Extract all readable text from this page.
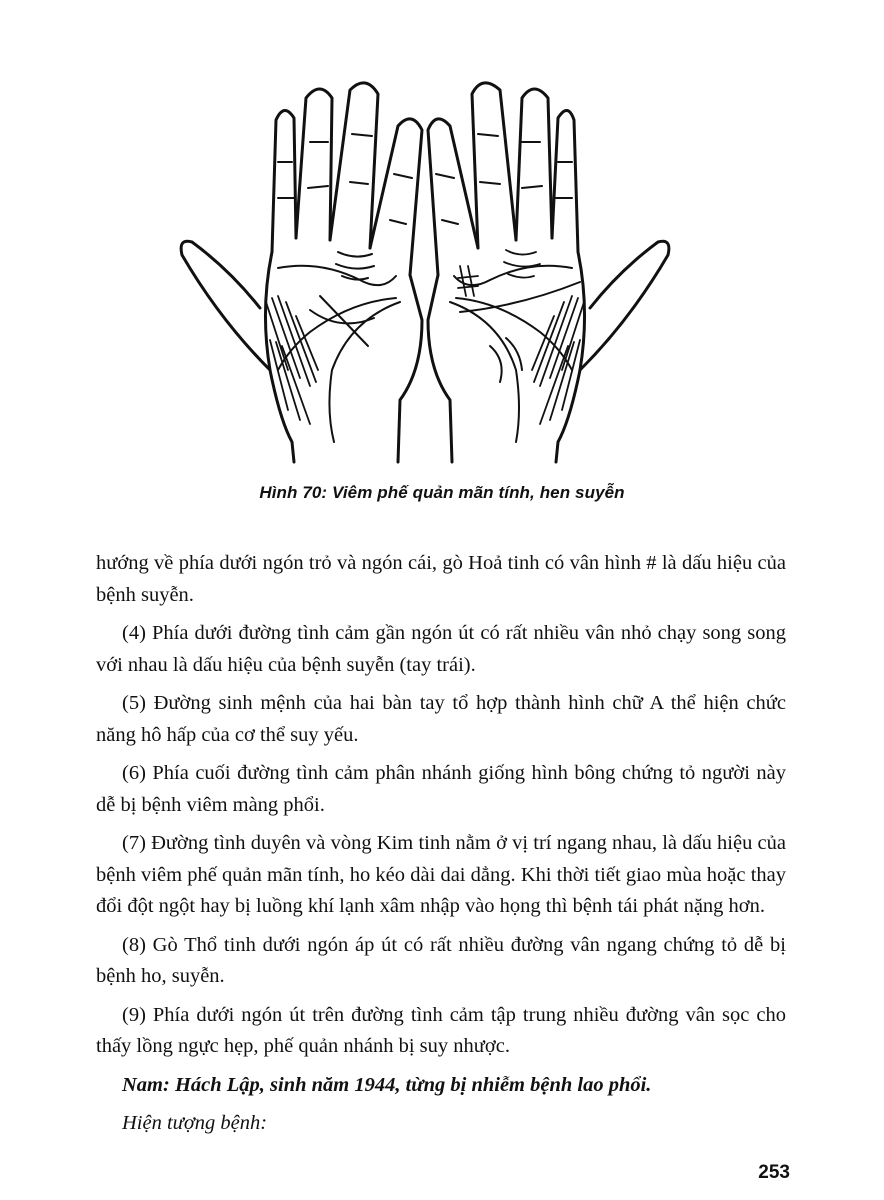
Hình 70: Viêm phế quản mãn tính, hen suyễn

hướng về phía dưới ngón trỏ và ngón cái, gò Hoả tinh có vân hình # là dấu hiệu của bệnh suyễn.

(4) Phía dưới đường tình cảm gần ngón út có rất nhiều vân nhỏ chạy song song với nhau là dấu hiệu của bệnh suyễn (tay trái).

(5) Đường sinh mệnh của hai bàn tay tổ hợp thành hình chữ A thể hiện chức năng hô hấp của cơ thể suy yếu.

(6) Phía cuối đường tình cảm phân nhánh giống hình bông chứng tỏ người này dễ bị bệnh viêm màng phổi.

(7) Đường tình duyên và vòng Kim tinh nằm ở vị trí ngang nhau, là dấu hiệu của bệnh viêm phế quản mãn tính, ho kéo dài dai dẳng. Khi thời tiết giao mùa hoặc thay đổi đột ngột hay bị luồng khí lạnh xâm nhập vào họng thì bệnh tái phát nặng hơn.

(8) Gò Thổ tinh dưới ngón áp út có rất nhiều đường vân ngang chứng tỏ dễ bị bệnh ho, suyễn.

(9) Phía dưới ngón út trên đường tình cảm tập trung nhiều đường vân sọc cho thấy lồng ngực hẹp, phế quản nhánh bị suy nhược.

Nam: Hách Lập, sinh năm 1944, từng bị nhiễm bệnh lao phổi.

Hiện tượng bệnh:

253
